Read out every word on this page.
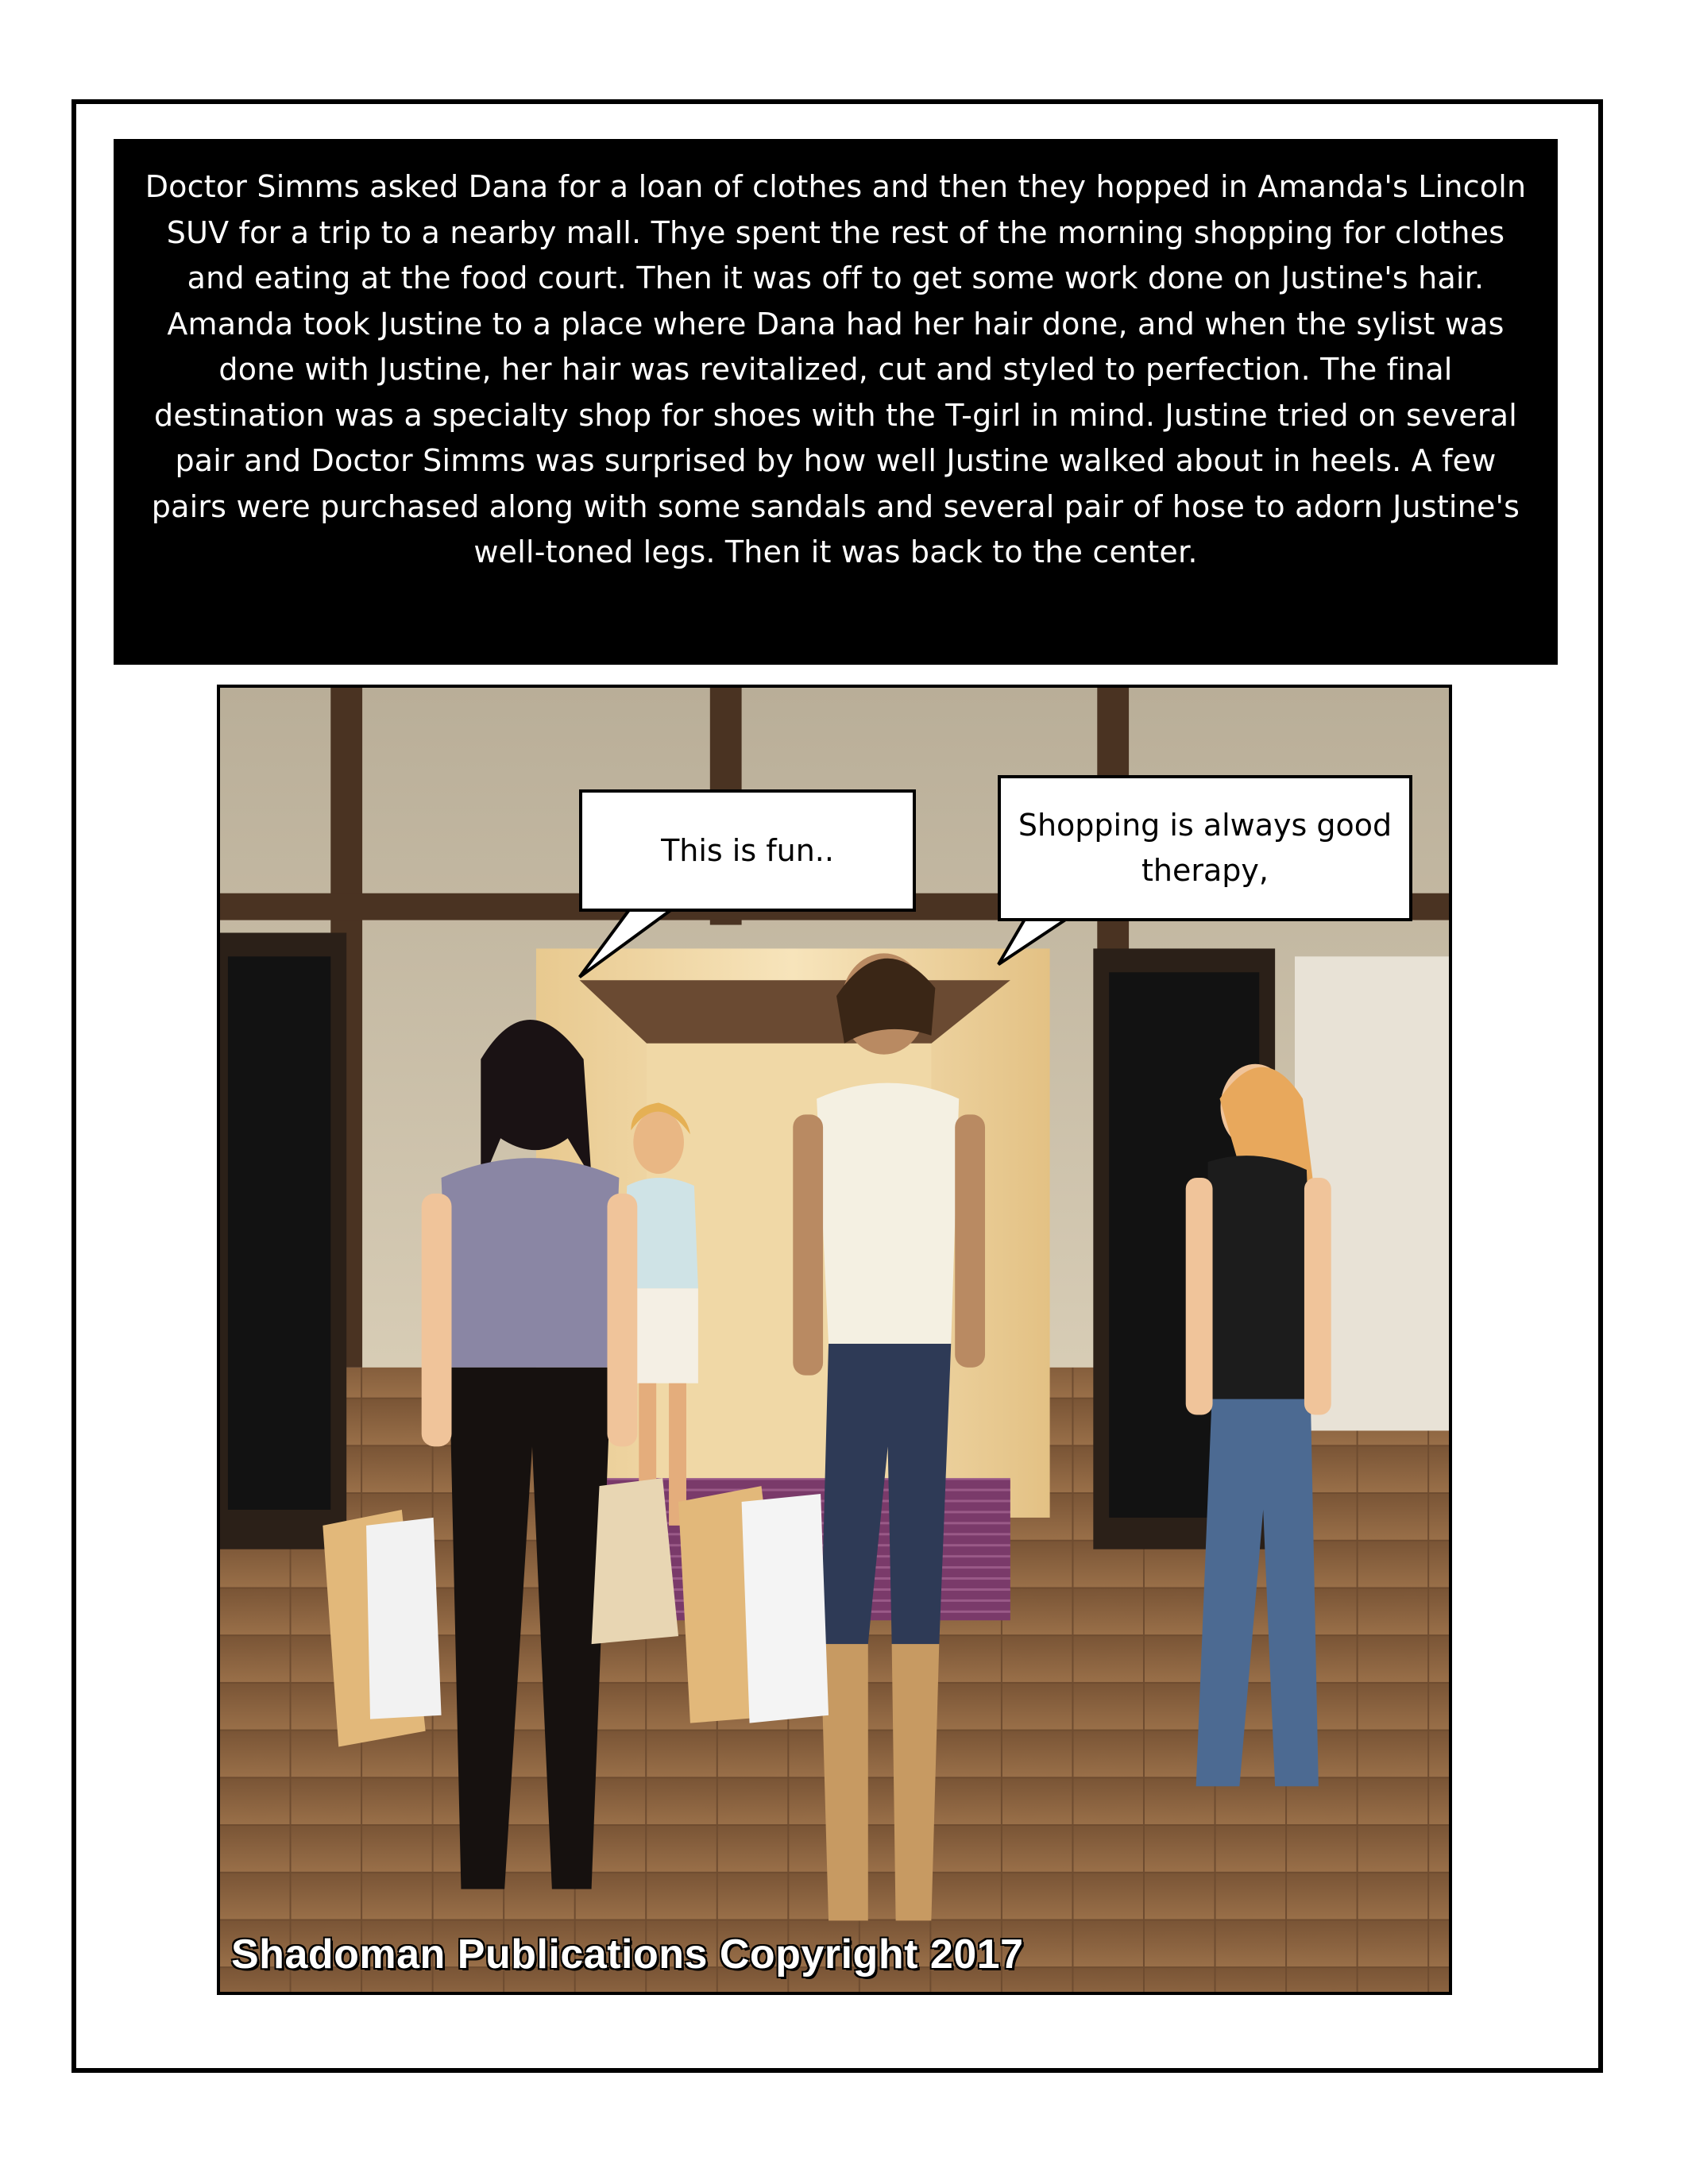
Doctor Simms asked Dana for a loan of clothes and then they hopped in Amanda's Lincoln SUV for a trip to a nearby mall. Thye spent the rest of the morning shopping for clothes and eating at the food court. Then it was off to get some work done on Justine's hair. Amanda took Justine to a place where Dana had her hair done, and when the sylist was done with Justine, her hair was revitalized, cut and styled to perfection. The final destination was a specialty shop for shoes with the T-girl in mind. Justine tried on several pair and Doctor Simms was surprised by how well Justine walked about in heels. A few pairs were purchased along with some sandals and several pair of hose to adorn Justine's well-toned legs. Then it was back to the center.

This is fun..

Shopping is always good therapy,

Shadoman Publications Copyright 2017
